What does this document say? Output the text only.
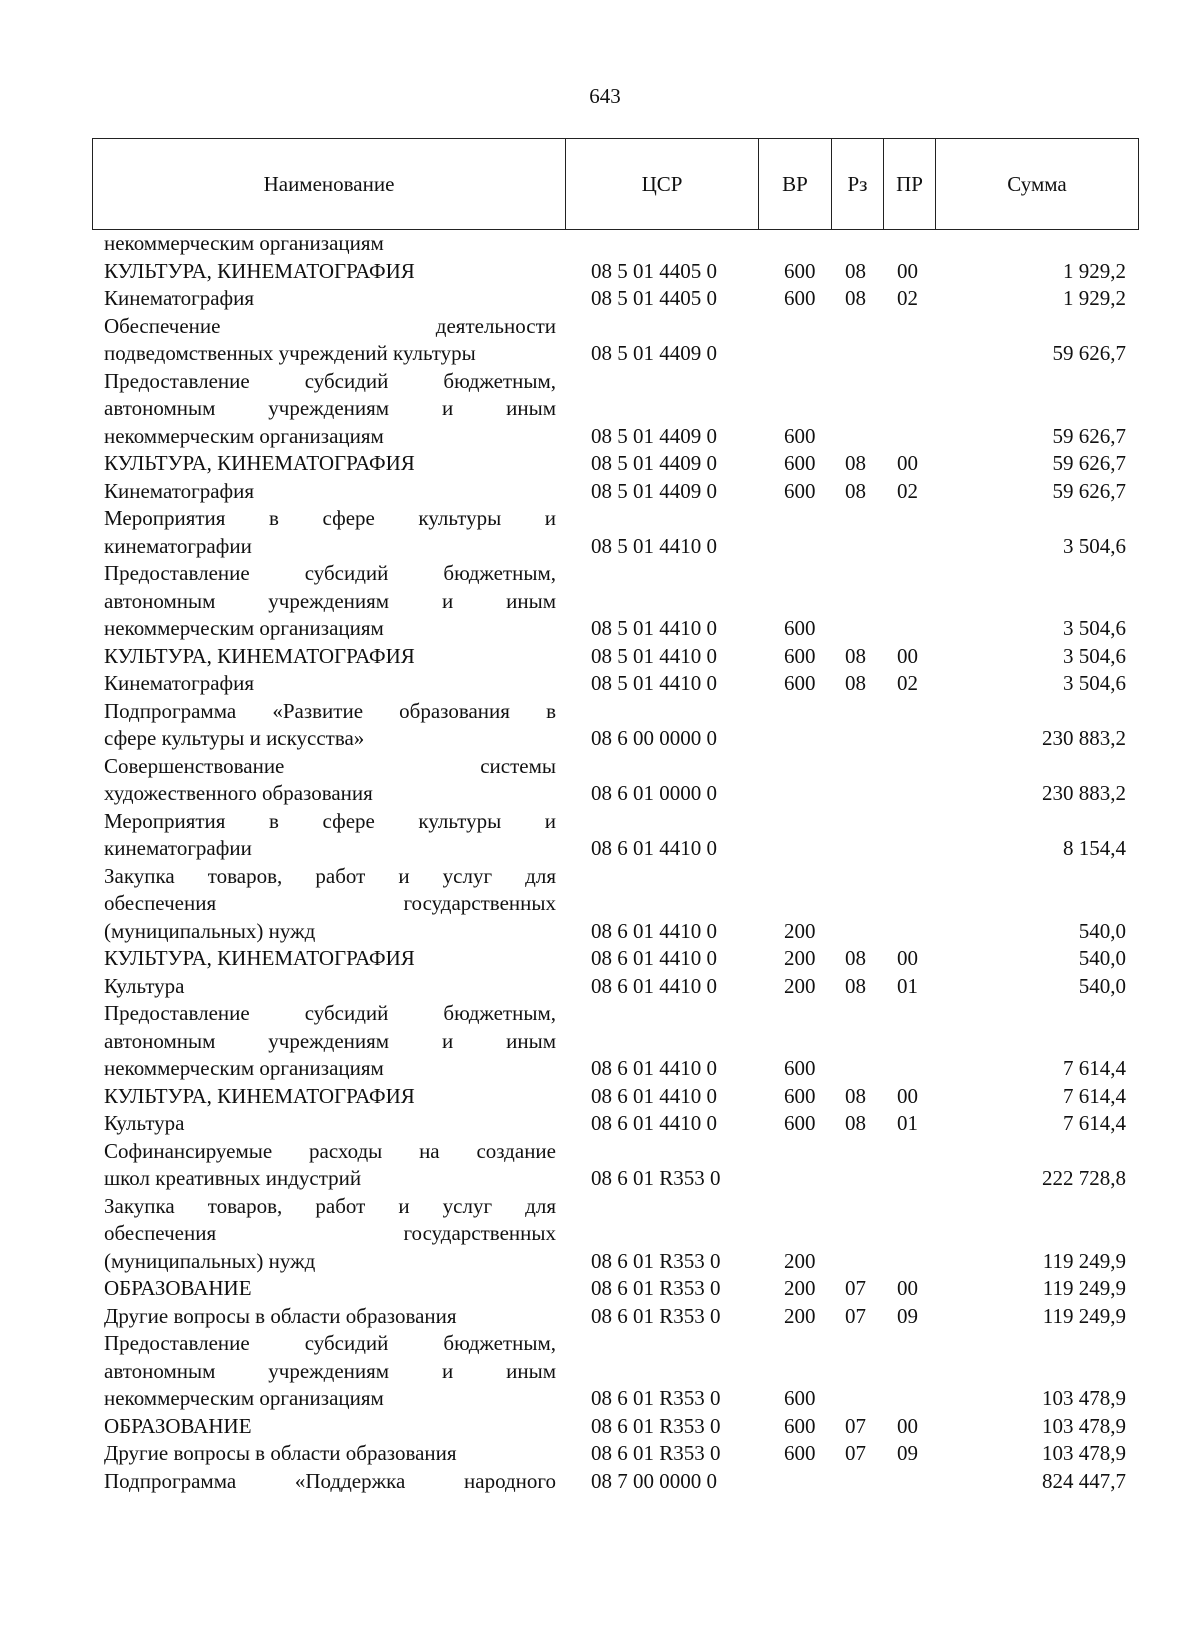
643
Наименование	ЦСР	ВР	Рз	ПР	Сумма
некоммерческим организациям					

КУЛЬТУРА, КИНЕМАТОГРАФИЯ	08 5 01 4405 0	600	08	00	1 929,2

Кинематография	08 5 01 4405 0	600	08	02	1 929,2

Обеспечение деятельности
подведомственных учреждений культуры	08 5 01 4409 0				59 626,7

Предоставление субсидий бюджетным,
автономным учреждениям и иным
некоммерческим организациям	08 5 01 4409 0	600			59 626,7

КУЛЬТУРА, КИНЕМАТОГРАФИЯ	08 5 01 4409 0	600	08	00	59 626,7

Кинематография	08 5 01 4409 0	600	08	02	59 626,7

Мероприятия в сфере культуры и
кинематографии	08 5 01 4410 0				3 504,6

Предоставление субсидий бюджетным,
автономным учреждениям и иным
некоммерческим организациям	08 5 01 4410 0	600			3 504,6

КУЛЬТУРА, КИНЕМАТОГРАФИЯ	08 5 01 4410 0	600	08	00	3 504,6

Кинематография	08 5 01 4410 0	600	08	02	3 504,6

Подпрограмма «Развитие образования в
сфере культуры и искусства»	08 6 00 0000 0				230 883,2

Совершенствование системы
художественного образования	08 6 01 0000 0				230 883,2

Мероприятия в сфере культуры и
кинематографии	08 6 01 4410 0				8 154,4

Закупка товаров, работ и услуг для
обеспечения государственных
(муниципальных) нужд	08 6 01 4410 0	200			540,0

КУЛЬТУРА, КИНЕМАТОГРАФИЯ	08 6 01 4410 0	200	08	00	540,0

Культура	08 6 01 4410 0	200	08	01	540,0

Предоставление субсидий бюджетным,
автономным учреждениям и иным
некоммерческим организациям	08 6 01 4410 0	600			7 614,4

КУЛЬТУРА, КИНЕМАТОГРАФИЯ	08 6 01 4410 0	600	08	00	7 614,4

Культура	08 6 01 4410 0	600	08	01	7 614,4

Софинансируемые расходы на создание
школ креативных индустрий	08 6 01 R353 0				222 728,8

Закупка товаров, работ и услуг для
обеспечения государственных
(муниципальных) нужд	08 6 01 R353 0	200			119 249,9

ОБРАЗОВАНИЕ	08 6 01 R353 0	200	07	00	119 249,9

Другие вопросы в области образования	08 6 01 R353 0	200	07	09	119 249,9

Предоставление субсидий бюджетным,
автономным учреждениям и иным
некоммерческим организациям	08 6 01 R353 0	600			103 478,9

ОБРАЗОВАНИЕ	08 6 01 R353 0	600	07	00	103 478,9

Другие вопросы в области образования	08 6 01 R353 0	600	07	09	103 478,9

Подпрограмма «Поддержка народного	08 7 00 0000 0				824 447,7
